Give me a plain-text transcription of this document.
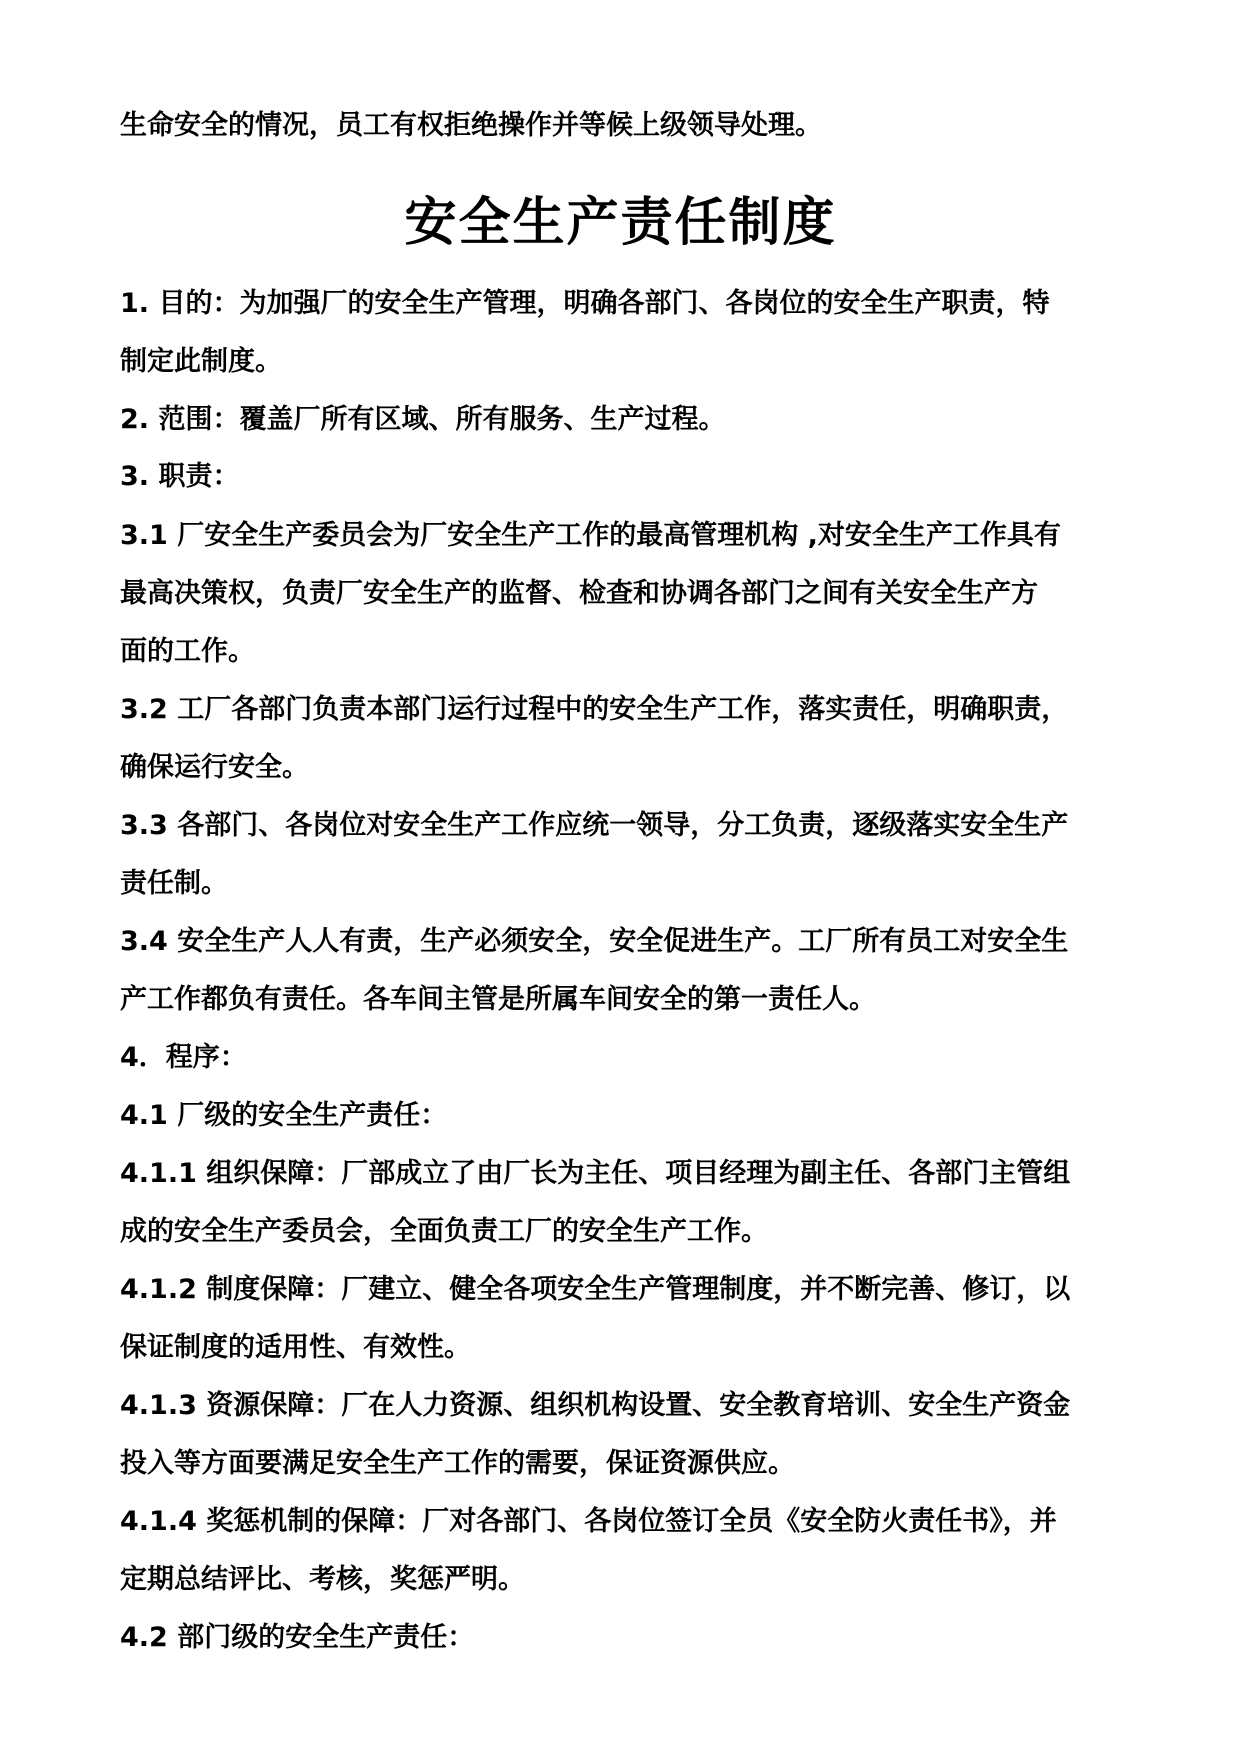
生命安全的情况，员工有权拒绝操作并等候上级领导处理。
安全生产责任制度
1. 目的：为加强厂的安全生产管理，明确各部门、各岗位的安全生产职责，特
制定此制度。
2. 范围：覆盖厂所有区域、所有服务、生产过程。
3. 职责：
3.1 厂安全生产委员会为厂安全生产工作的最高管理机构 ,对安全生产工作具有
最高决策权，负责厂安全生产的监督、检查和协调各部门之间有关安全生产方
面的工作。
3.2 工厂各部门负责本部门运行过程中的安全生产工作，落实责任，明确职责，
确保运行安全。
3.3 各部门、各岗位对安全生产工作应统一领导，分工负责，逐级落实安全生产
责任制。
3.4 安全生产人人有责，生产必须安全，安全促进生产。工厂所有员工对安全生
产工作都负有责任。各车间主管是所属车间安全的第一责任人。
4．程序：
4.1 厂级的安全生产责任：
4.1.1 组织保障：厂部成立了由厂长为主任、项目经理为副主任、各部门主管组
成的安全生产委员会，全面负责工厂的安全生产工作。
4.1.2 制度保障：厂建立、健全各项安全生产管理制度，并不断完善、修订，以
保证制度的适用性、有效性。
4.1.3 资源保障：厂在人力资源、组织机构设置、安全教育培训、安全生产资金
投入等方面要满足安全生产工作的需要，保证资源供应。
4.1.4 奖惩机制的保障：厂对各部门、各岗位签订全员《安全防火责任书》，并
定期总结评比、考核，奖惩严明。
4.2 部门级的安全生产责任：
